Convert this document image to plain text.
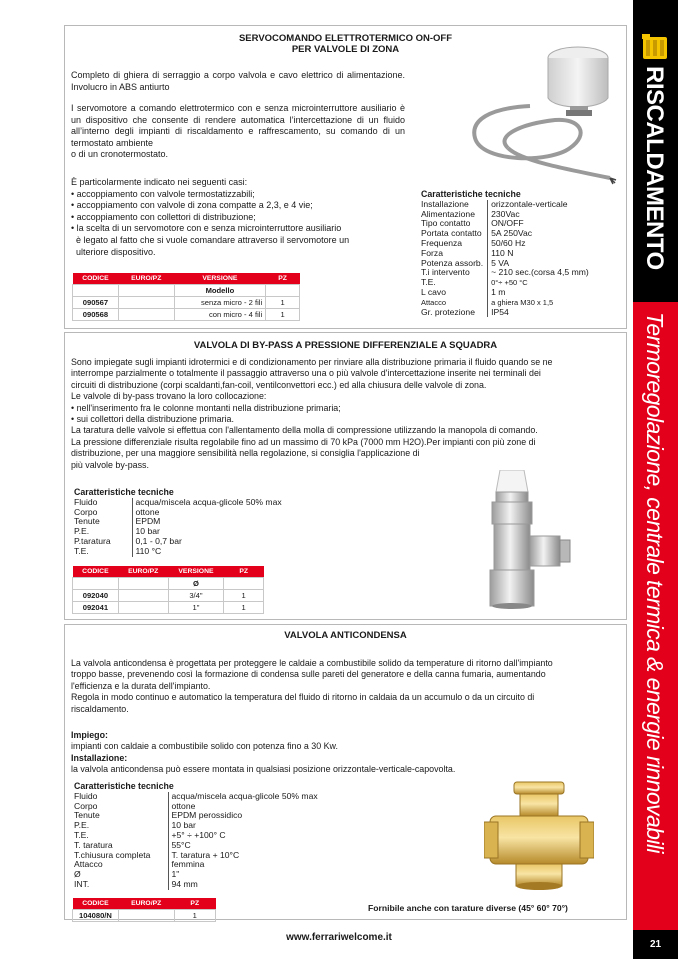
RISCALDAMENTO
Termoregolazione, centrale termica & energie rinnovabili
21
SERVOCOMANDO ELETTROTERMICO ON-OFF
PER VALVOLE DI ZONA
Completo di ghiera di serraggio a corpo valvola e cavo elettrico di alimentazione. Involucro in ABS antiurto
I servomotore a comando elettrotermico con e senza microinterruttore ausiliario è un dispositivo che consente di rendere automatica l’intercettazione di un fluido all’interno degli impianti di riscaldamento e raffrescamento, su comando di un termostato ambiente
o di un cronotermostato.
È particolarmente indicato nei seguenti casi:
• accoppiamento con valvole termostatizzabili;
• accoppiamento con valvole di zona compatte a 2,3, e 4 vie;
• accoppiamento con collettori di distribuzione;
• la scelta di un servomotore con e senza microinterruttore ausiliario
è legato al fatto che si vuole comandare attraverso il servomotore un
ulteriore dispositivo.
Caratteristiche tecniche
Installazione	orizzontale-verticale
Alimentazione	230Vac
Tipo contatto	ON/OFF
Portata contatto	5A 250Vac
Frequenza	50/60 Hz
Forza	110 N
Potenza assorb.	5 VA
T.i intervento	~ 210 sec.(corsa 4,5 mm)
T.E.	0°÷ +50 °C
L cavo	1 m
Attacco	a ghiera M30 x 1,5
Gr. protezione	IP54
CODICE	EURO/PZ	VERSIONE	PZ
		Modello	
090567		senza micro - 2 fili	1
090568		con micro - 4 fili	1
VALVOLA DI BY-PASS A PRESSIONE DIFFERENZIALE A SQUADRA
Sono impiegate sugli impianti idrotermici e di condizionamento per rinviare alla distribuzione primaria il fluido quando se ne
interrompe parzialmente o totalmente il passaggio attraverso una o più valvole d'intercettazione inserite nei terminali dei
circuiti di distribuzione (corpi scaldanti,fan-coil, ventilconvettori ecc.) ed alla chiusura delle valvole di zona.
Le valvole di by-pass trovano la loro collocazione:
• nell'inserimento fra le colonne montanti nella distribuzione primaria;
• sui collettori della distribuzione primaria.
La taratura delle valvole si effettua con l'allentamento della molla di compressione utilizzando la manopola di comando.
La pressione differenziale risulta regolabile fino ad un massimo di 70 kPa (7000 mm H2O).Per impianti con più zone di
distribuzione, per una maggiore sensibilità nella regolazione, si consiglia l'applicazione di
più valvole by-pass.
Caratteristiche tecniche
Fluido	acqua/miscela acqua-glicole 50% max
Corpo	ottone
Tenute	EPDM
P.E.	10 bar
P.taratura	0,1 - 0,7 bar
T.E.	110 °C
CODICE	EURO/PZ	VERSIONE	PZ
		Ø	
092040		3/4"	1
092041		1"	1
VALVOLA ANTICONDENSA
La valvola anticondensa è progettata per proteggere le caldaie a combustibile solido da temperature di ritorno dall'impianto
troppo basse, prevenendo così la formazione di condensa sulle pareti del generatore e della canna fumaria, aumentando
l'efficienza e la durata dell'impianto.
Regola in modo continuo e automatico la temperatura del fluido di ritorno in caldaia da un accumulo o da un circuito di
riscaldamento.
Impiego:
impianti con caldaie a combustibile solido con potenza fino a 30 Kw.
Installazione:
la valvola anticondensa può essere montata in qualsiasi posizione orizzontale-verticale-capovolta.
Caratteristiche tecniche
Fluido	acqua/miscela acqua-glicole 50% max
Corpo	ottone
Tenute	EPDM perossidico
P.E.	10 bar
T.E.	+5° ÷ +100° C
T. taratura	55°C
T.chiusura completa	T. taratura + 10°C
Attacco	femmina
Ø	1"
INT.	94 mm
CODICE	EURO/PZ	PZ
104080/N		1
Fornibile anche con tarature diverse (45° 60° 70°)
www.ferrariwelcome.it
